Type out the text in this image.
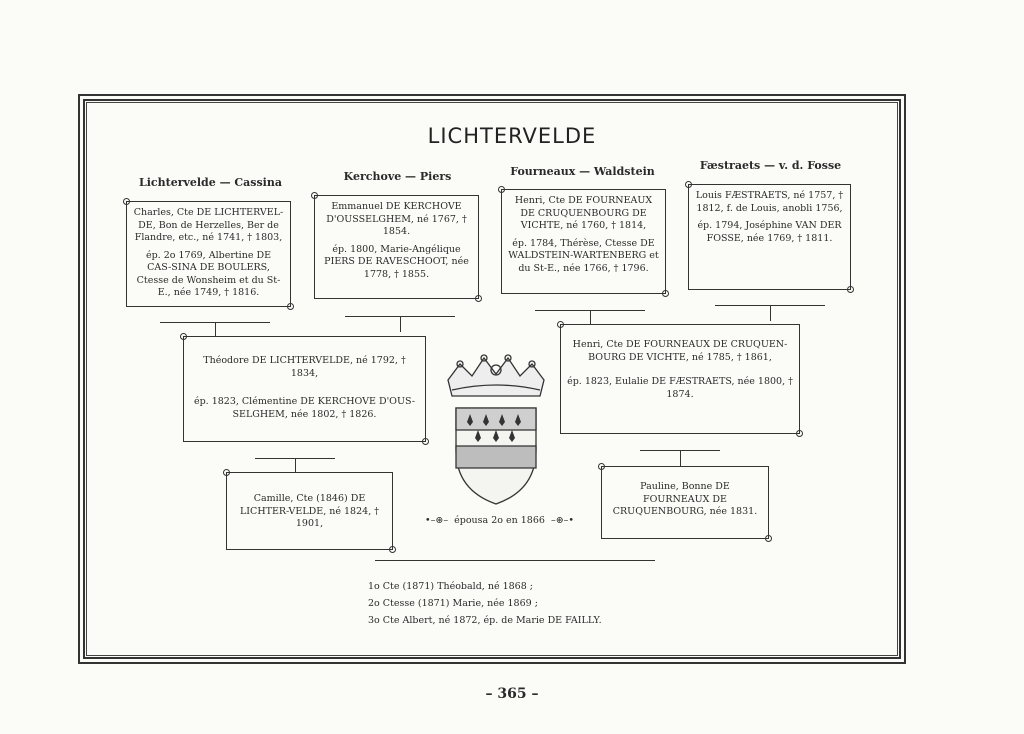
LICHTERVELDE
Lichtervelde — Cassina	Kerchove — Piers	Fourneaux — Waldstein	Fæstraets — v. d. Fosse

Charles, Cte DE LICHTERVEL-DE, Bon de Herzelles, Ber de Flandre, etc., né 1741, † 1803,

ép. 2o 1769, Albertine DE CAS-SINA DE BOULERS, Ctesse de Wonsheim et du St-E., née 1749, † 1816.

Emmanuel DE KERCHOVE D'OUSSELGHEM, né 1767, † 1854.

ép. 1800, Marie-Angélique PIERS DE RAVESCHOOT, née 1778, † 1855.

Henri, Cte DE FOURNEAUX DE CRUQUENBOURG DE VICHTE, né 1760, † 1814,

ép. 1784, Thérèse, Ctesse DE WALDSTEIN-WARTENBERG et du St-E., née 1766, † 1796.

Louis FÆSTRAETS, né 1757, † 1812, f. de Louis, anobli 1756,

ép. 1794, Joséphine VAN DER FOSSE, née 1769, † 1811.

Théodore DE LICHTERVELDE, né 1792, † 1834,

ép. 1823, Clémentine DE KERCHOVE D'OUS-SELGHEM, née 1802, † 1826.

Henri, Cte DE FOURNEAUX DE CRUQUEN-BOURG DE VICHTE, né 1785, † 1861,

ép. 1823, Eulalie DE FÆSTRAETS, née 1800, † 1874.

Camille, Cte (1846) DE LICHTER-VELDE, né 1824, † 1901,

Pauline, Bonne DE FOURNEAUX DE CRUQUENBOURG, née 1831.

•–⊛–  épousa 2o en 1866  –⊛–•
1o Cte (1871) Théobald, né 1868 ;
2o Ctesse (1871) Marie, née 1869 ;
3o Cte Albert, né 1872, ép. de Marie DE FAILLY.
– 365 –
